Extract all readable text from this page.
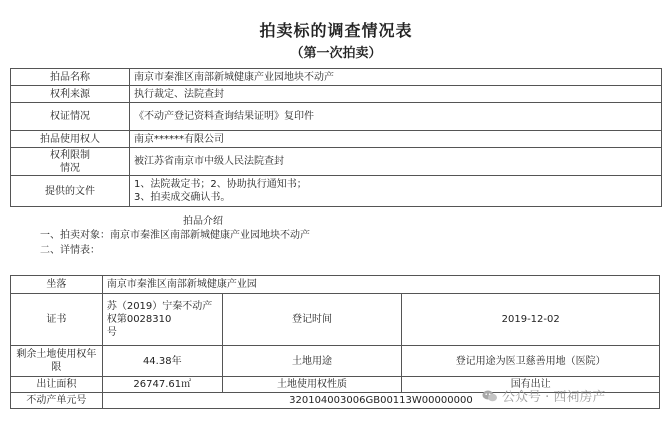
拍卖标的调查情况表
（第一次拍卖）
拍品名称	南京市秦淮区南部新城健康产业园地块不动产
权利来源	执行裁定、法院查封
权证情况	《不动产登记资料查询结果证明》复印件
拍品使用权人	南京******有限公司

权利限制
情况	被江苏省南京市中级人民法院查封
提供的文件	1、法院裁定书；2、协助执行通知书；
3、拍卖成交确认书。
拍品介绍
一、拍卖对象：南京市秦淮区南部新城健康产业园地块不动产
二、详情表：
坐落	南京市秦淮区南部新城健康产业园		
证书	苏（2019）宁秦不动产权第0028310
号	登记时间	2019-12-02

剩余土地使用权年
限	44.38年	土地用途	登记用途为医卫慈善用地（医院）
出让面积	26747.61㎡	土地使用权性质	国有出让
不动产单元号	320104003006GB00113W00000000		公众号 · 西祠房产
